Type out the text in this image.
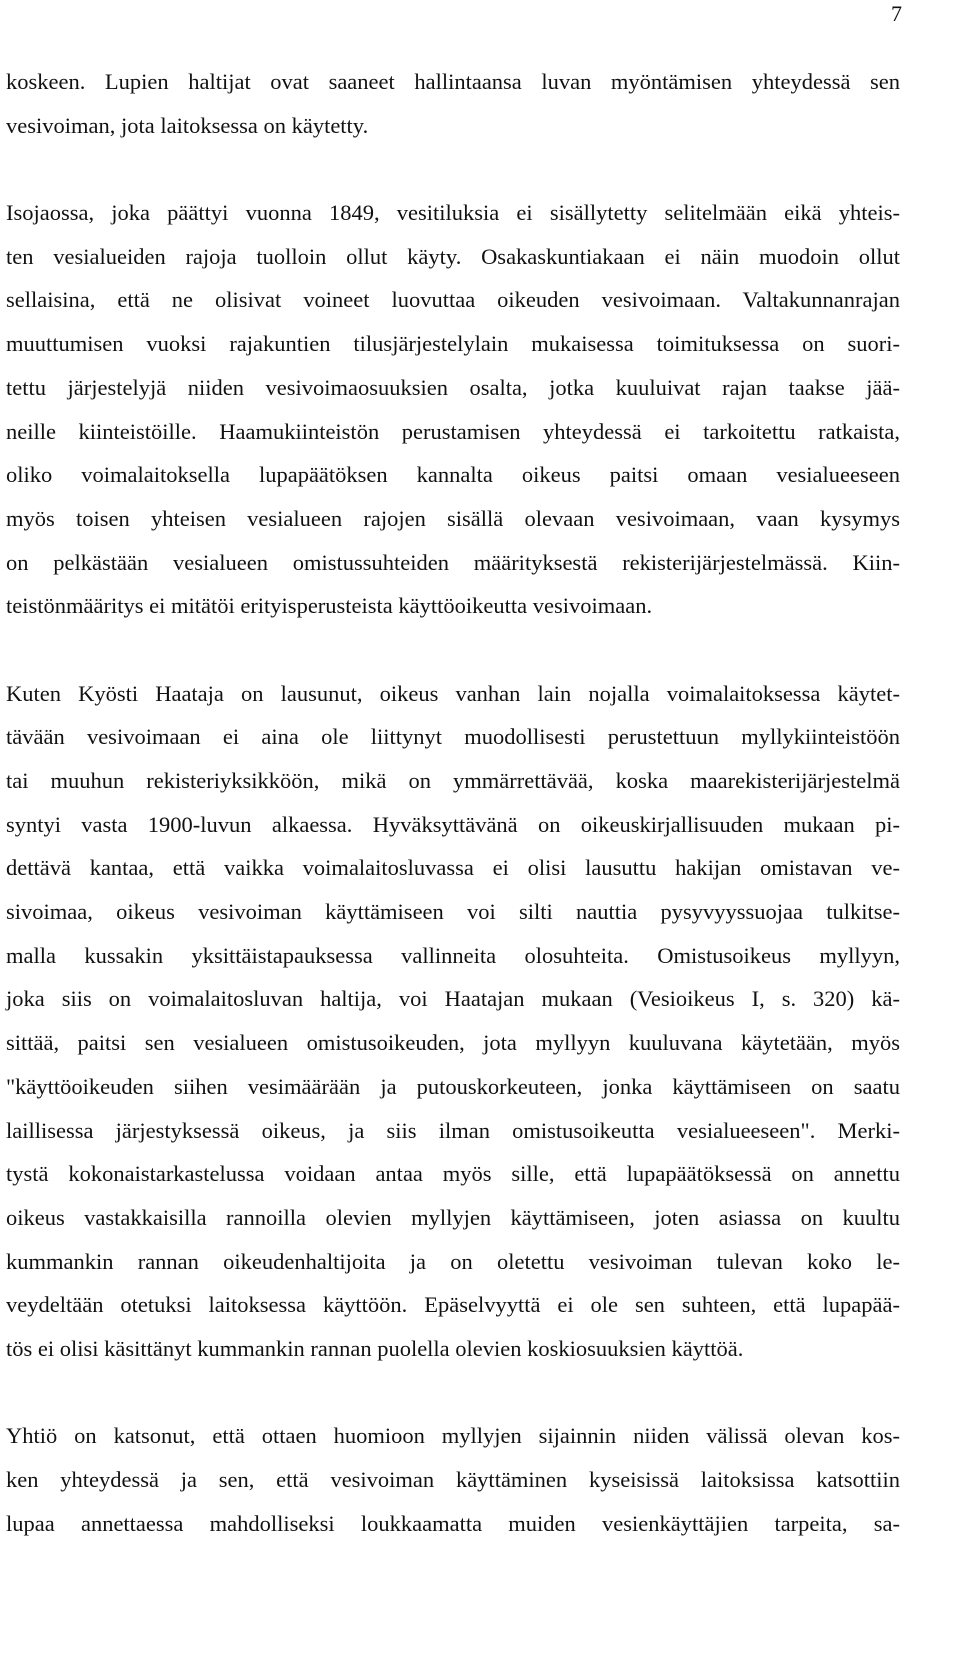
7
koskeen. Lupien haltijat ovat saaneet hallintaansa luvan myöntämisen yhteydessä sen
vesivoiman, jota laitoksessa on käytetty.
Isojaossa, joka päättyi vuonna 1849, vesitiluksia ei sisällytetty selitelmään eikä yhteis-
ten vesialueiden rajoja tuolloin ollut käyty. Osakaskuntiakaan ei näin muodoin ollut
sellaisina, että ne olisivat voineet luovuttaa oikeuden vesivoimaan. Valtakunnanrajan
muuttumisen vuoksi rajakuntien tilusjärjestelylain mukaisessa toimituksessa on suori-
tettu järjestelyjä niiden vesivoimaosuuksien osalta, jotka kuuluivat rajan taakse jää-
neille kiinteistöille. Haamukiinteistön perustamisen yhteydessä ei tarkoitettu ratkaista,
oliko voimalaitoksella lupapäätöksen kannalta oikeus paitsi omaan vesialueeseen
myös toisen yhteisen vesialueen rajojen sisällä olevaan vesivoimaan, vaan kysymys
on pelkästään vesialueen omistussuhteiden määrityksestä rekisterijärjestelmässä. Kiin-
teistönmääritys ei mitätöi erityisperusteista käyttöoikeutta vesivoimaan.
Kuten Kyösti Haataja on lausunut, oikeus vanhan lain nojalla voimalaitoksessa käytet-
tävään vesivoimaan ei aina ole liittynyt muodollisesti perustettuun myllykiinteistöön
tai muuhun rekisteriyksikköön, mikä on ymmärrettävää, koska maarekisterijärjestelmä
syntyi vasta 1900-luvun alkaessa. Hyväksyttävänä on oikeuskirjallisuuden mukaan pi-
dettävä kantaa, että vaikka voimalaitosluvassa ei olisi lausuttu hakijan omistavan ve-
sivoimaa, oikeus vesivoiman käyttämiseen voi silti nauttia pysyvyyssuojaa tulkitse-
malla kussakin yksittäistapauksessa vallinneita olosuhteita. Omistusoikeus myllyyn,
joka siis on voimalaitosluvan haltija, voi Haatajan mukaan (Vesioikeus I, s. 320) kä-
sittää, paitsi sen vesialueen omistusoikeuden, jota myllyyn kuuluvana käytetään, myös
"käyttöoikeuden siihen vesimäärään ja putouskorkeuteen, jonka käyttämiseen on saatu
laillisessa järjestyksessä oikeus, ja siis ilman omistusoikeutta vesialueeseen". Merki-
tystä kokonaistarkastelussa voidaan antaa myös sille, että lupapäätöksessä on annettu
oikeus vastakkaisilla rannoilla olevien myllyjen käyttämiseen, joten asiassa on kuultu
kummankin rannan oikeudenhaltijoita ja on oletettu vesivoiman tulevan koko le-
veydeltään otetuksi laitoksessa käyttöön. Epäselvyyttä ei ole sen suhteen, että lupapää-
tös ei olisi käsittänyt kummankin rannan puolella olevien koskiosuuksien käyttöä.
Yhtiö on katsonut, että ottaen huomioon myllyjen sijainnin niiden välissä olevan kos-
ken yhteydessä ja sen, että vesivoiman käyttäminen kyseisissä laitoksissa katsottiin
lupaa annettaessa mahdolliseksi loukkaamatta muiden vesienkäyttäjien tarpeita, sa-
